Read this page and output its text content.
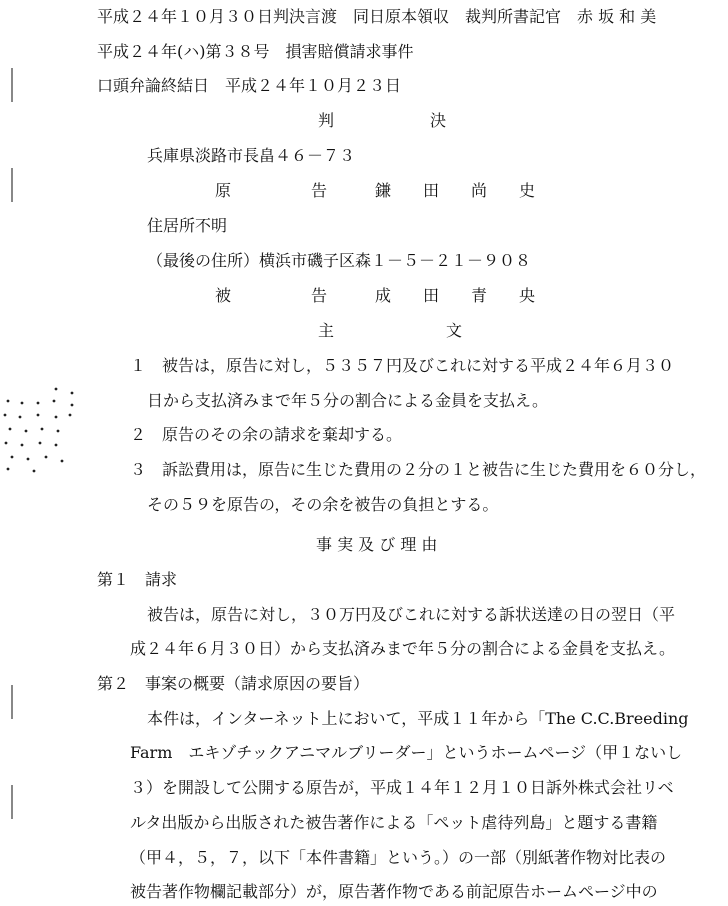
平成２４年１０月３０日判決言渡　同日原本領収　裁判所書記官　赤 坂 和 美
平成２４年(ハ)第３８号　損害賠償請求事件
口頭弁論終結日　平成２４年１０月２３日
判　　　　　　決
兵庫県淡路市長畠４６－７３
原　　　　　告　　　鎌　　田　　尚　　史
住居所不明
（最後の住所）横浜市磯子区森１－５－２１－９０８
被　　　　　告　　　成　　田　　青　　央
主　　　　　　　文
１　被告は，原告に対し，５３５７円及びこれに対する平成２４年６月３０
日から支払済みまで年５分の割合による金員を支払え。
２　原告のその余の請求を棄却する。
３　訴訟費用は，原告に生じた費用の２分の１と被告に生じた費用を６０分し，
その５９を原告の，その余を被告の負担とする。
事 実 及 び 理 由
第１　請求
被告は，原告に対し，３０万円及びこれに対する訴状送達の日の翌日（平
成２４年６月３０日）から支払済みまで年５分の割合による金員を支払え。
第２　事案の概要（請求原因の要旨）
本件は，インターネット上において，平成１１年から「The C.C.Breeding
Farm　エキゾチックアニマルブリーダー」というホームページ（甲１ないし
３）を開設して公開する原告が，平成１４年１２月１０日訴外株式会社リベ
ルタ出版から出版された被告著作による「ペット虐待列島」と題する書籍
（甲４，５，７，以下「本件書籍」という。）の一部（別紙著作物対比表の
被告著作物欄記載部分）が，原告著作物である前記原告ホームページ中の
